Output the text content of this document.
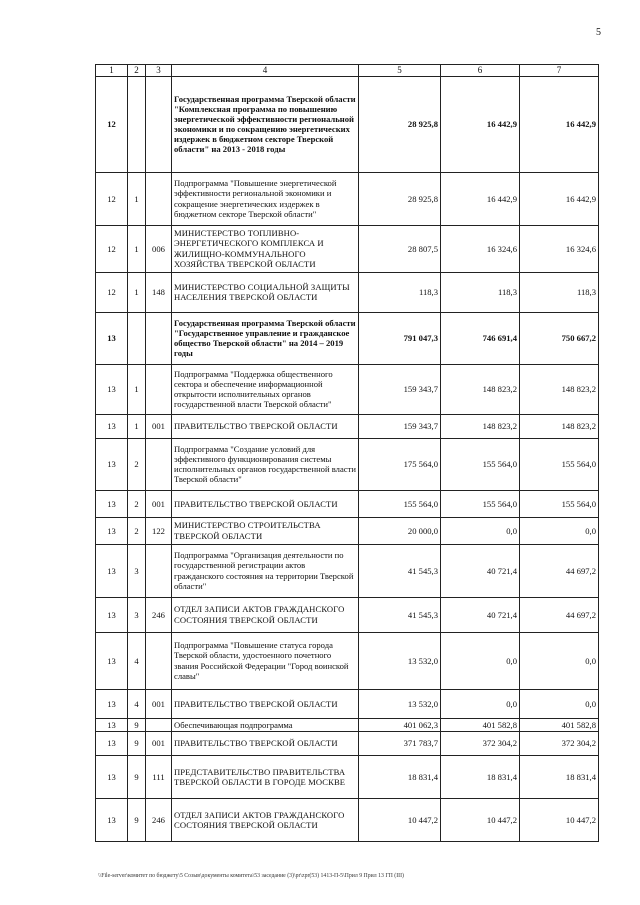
5
1	2	3	4	5	6	7
12			Государственная программа Тверской области "Комплексная программа по повышению энергетической эффективности региональной экономики и по сокращению энергетических издержек в бюджетном секторе Тверской области" на 2013 - 2018 годы	28 925,8	16 442,9	16 442,9
12	1		Подпрограмма "Повышение энергетической эффективности региональной экономики и сокращение энергетических издержек в бюджетном секторе Тверской области"	28 925,8	16 442,9	16 442,9
12	1	006	МИНИСТЕРСТВО ТОПЛИВНО-ЭНЕРГЕТИЧЕСКОГО КОМПЛЕКСА И ЖИЛИЩНО-КОММУНАЛЬНОГО ХОЗЯЙСТВА ТВЕРСКОЙ ОБЛАСТИ	28 807,5	16 324,6	16 324,6
12	1	148	МИНИСТЕРСТВО СОЦИАЛЬНОЙ ЗАЩИТЫ НАСЕЛЕНИЯ ТВЕРСКОЙ ОБЛАСТИ	118,3	118,3	118,3
13			Государственная программа Тверской области "Государственное управление и гражданское общество Тверской области" на 2014 – 2019 годы	791 047,3	746 691,4	750 667,2
13	1		Подпрограмма "Поддержка общественного сектора и обеспечение информационной открытости исполнительных органов государственной власти Тверской области"	159 343,7	148 823,2	148 823,2
13	1	001	ПРАВИТЕЛЬСТВО ТВЕРСКОЙ ОБЛАСТИ	159 343,7	148 823,2	148 823,2
13	2		Подпрограмма "Создание условий для эффективного функционирования системы исполнительных органов государственной власти Тверской области"	175 564,0	155 564,0	155 564,0
13	2	001	ПРАВИТЕЛЬСТВО ТВЕРСКОЙ ОБЛАСТИ	155 564,0	155 564,0	155 564,0
13	2	122	МИНИСТЕРСТВО СТРОИТЕЛЬСТВА ТВЕРСКОЙ ОБЛАСТИ	20 000,0	0,0	0,0
13	3		Подпрограмма "Организация деятельности по государственной регистрации актов гражданского состояния на территории Тверской области"	41 545,3	40 721,4	44 697,2
13	3	246	ОТДЕЛ ЗАПИСИ АКТОВ ГРАЖДАНСКОГО СОСТОЯНИЯ ТВЕРСКОЙ ОБЛАСТИ	41 545,3	40 721,4	44 697,2
13	4		Подпрограмма "Повышение статуса города Тверской области, удостоенного почетного звания Российской Федерации "Город воинской славы"	13 532,0	0,0	0,0
13	4	001	ПРАВИТЕЛЬСТВО ТВЕРСКОЙ ОБЛАСТИ	13 532,0	0,0	0,0
13	9		Обеспечивающая подпрограмма	401 062,3	401 582,8	401 582,8
13	9	001	ПРАВИТЕЛЬСТВО ТВЕРСКОЙ ОБЛАСТИ	371 783,7	372 304,2	372 304,2
13	9	111	ПРЕДСТАВИТЕЛЬСТВО ПРАВИТЕЛЬСТВА ТВЕРСКОЙ ОБЛАСТИ В ГОРОДЕ МОСКВЕ	18 831,4	18 831,4	18 831,4
13	9	246	ОТДЕЛ ЗАПИСИ АКТОВ ГРАЖДАНСКОГО СОСТОЯНИЯ ТВЕРСКОЙ ОБЛАСТИ	10 447,2	10 447,2	10 447,2
\\File-server\комитет по бюджету\5 Созыв\документы комитета\53 заседание (3)\pr\zpr(53) 1413-П-5\Прил 9 Прил 13 ГП (ІІІ)
